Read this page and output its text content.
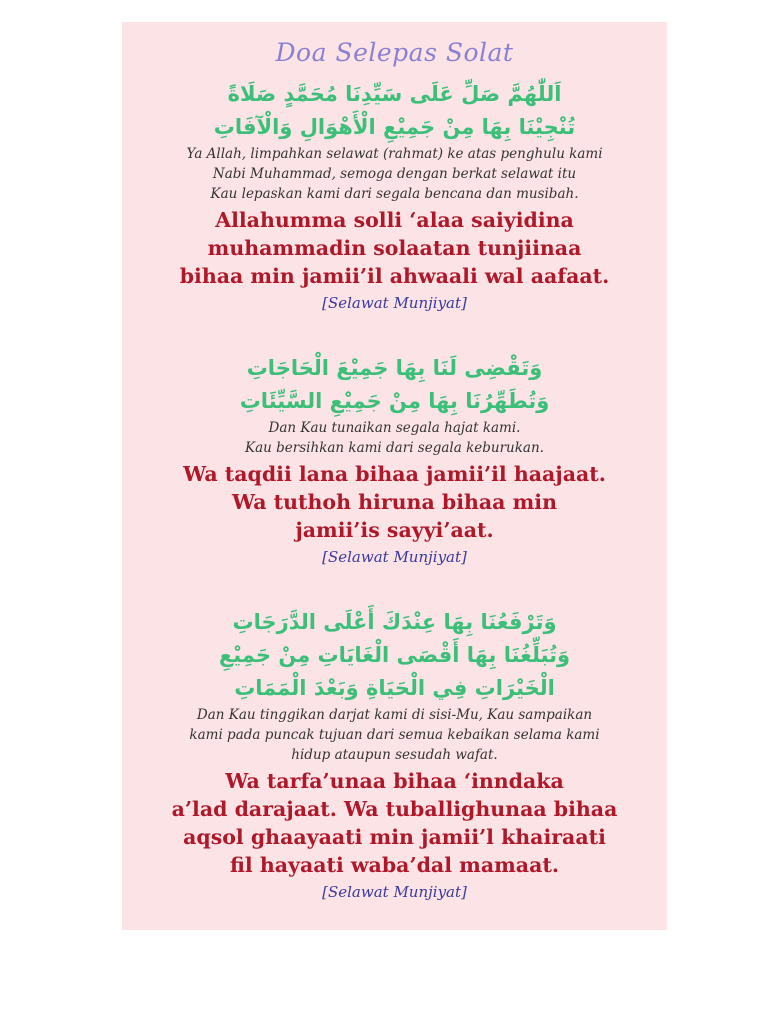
Doa Selepas Solat
اَللّٰهُمَّ صَلِّ عَلَى سَيِّدِنَا مُحَمَّدٍ صَلَاةً
تُنْجِيْنَا بِهَا مِنْ جَمِيْعِ الْأَهْوَالِ وَالْآفَاتِ
Ya Allah, limpahkan selawat (rahmat) ke atas penghulu kami
Nabi Muhammad, semoga dengan berkat selawat itu
Kau lepaskan kami dari segala bencana dan musibah.
Allahumma solli ‘alaa saiyidina
muhammadin solaatan tunjiinaa
bihaa min jamii’il ahwaali wal aafaat.
[Selawat Munjiyat]
وَتَقْضِى لَنَا بِهَا جَمِيْعَ الْحَاجَاتِ
وَتُطَهِّرُنَا بِهَا مِنْ جَمِيْعِ السَّيِّئَاتِ
Dan Kau tunaikan segala hajat kami.
Kau bersihkan kami dari segala keburukan.
Wa taqdii lana bihaa jamii’il haajaat.
Wa tuthoh hiruna bihaa min
jamii’is sayyi’aat.
[Selawat Munjiyat]
وَتَرْفَعُنَا بِهَا عِنْدَكَ أَعْلَى الدَّرَجَاتِ
وَتُبَلِّغُنَا بِهَا أَقْصَى الْغَايَاتِ مِنْ جَمِيْعِ
الْخَيْرَاتِ فِي الْحَيَاةِ وَبَعْدَ الْمَمَاتِ
Dan Kau tinggikan darjat kami di sisi-Mu, Kau sampaikan
kami pada puncak tujuan dari semua kebaikan selama kami
hidup ataupun sesudah wafat.
Wa tarfa’unaa bihaa ‘inndaka
a’lad darajaat. Wa tuballighunaa bihaa
aqsol ghaayaati min jamii’l khairaati
fil hayaati waba’dal mamaat.
[Selawat Munjiyat]
